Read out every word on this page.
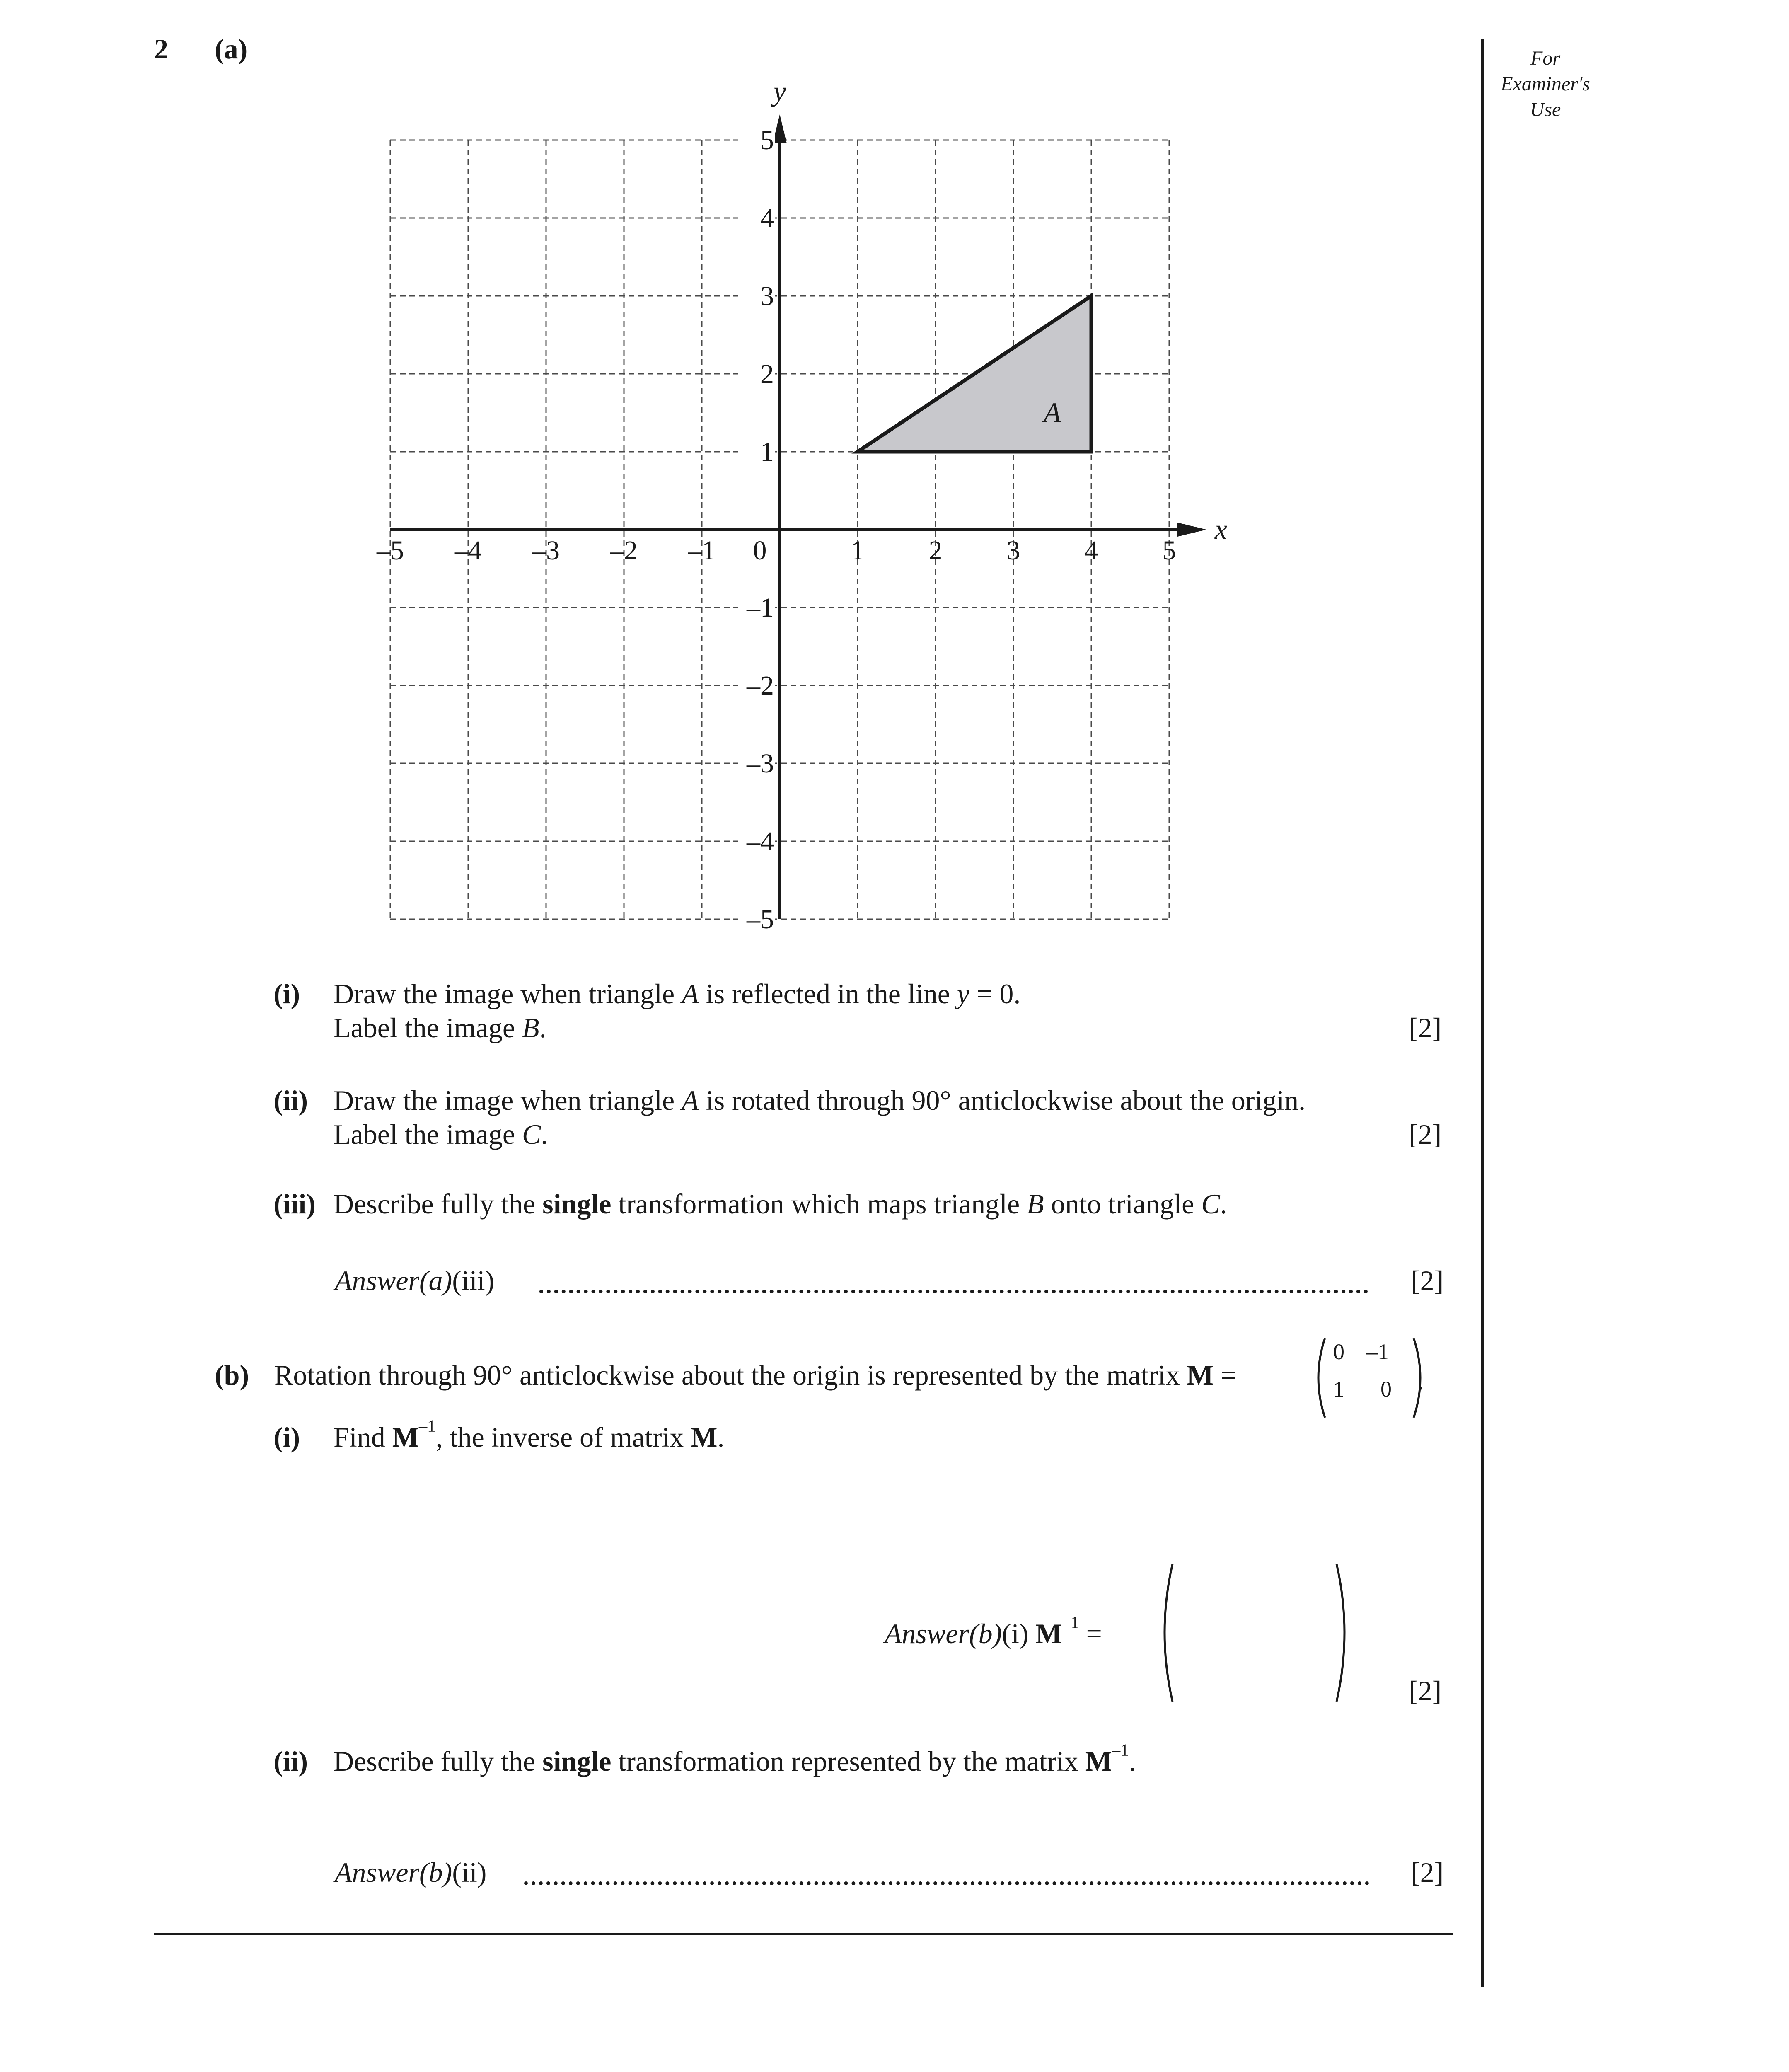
2 (a)	For
Examiner's
Use
A
x
y
–5 –4 –3 –2 –1 0	1 2 3 4 5
–5
–4
–3
–2
–1
1
2
3
4
5
(i) Draw the image when triangle A is reflected in the line y = 0.
Label the image B.	[2]
(ii) Draw the image when triangle A is rotated through 90° anticlockwise about the origin.
Label the image C.	[2]
(iii) Describe fully the single transformation which maps triangle B onto triangle C.
Answer(a)(iii)	[2]
(b) Rotation through 90° anticlockwise about the origin is represented by the matrix M =
0 –1
1 0 .
(i) Find $M^{-1}$, the inverse of matrix M.
Answer(b)(i) $M^{-1}$ =
[2]
(ii) Describe fully the single transformation represented by the matrix $M^{-1}$.
Answer(b)(ii)	[2]
